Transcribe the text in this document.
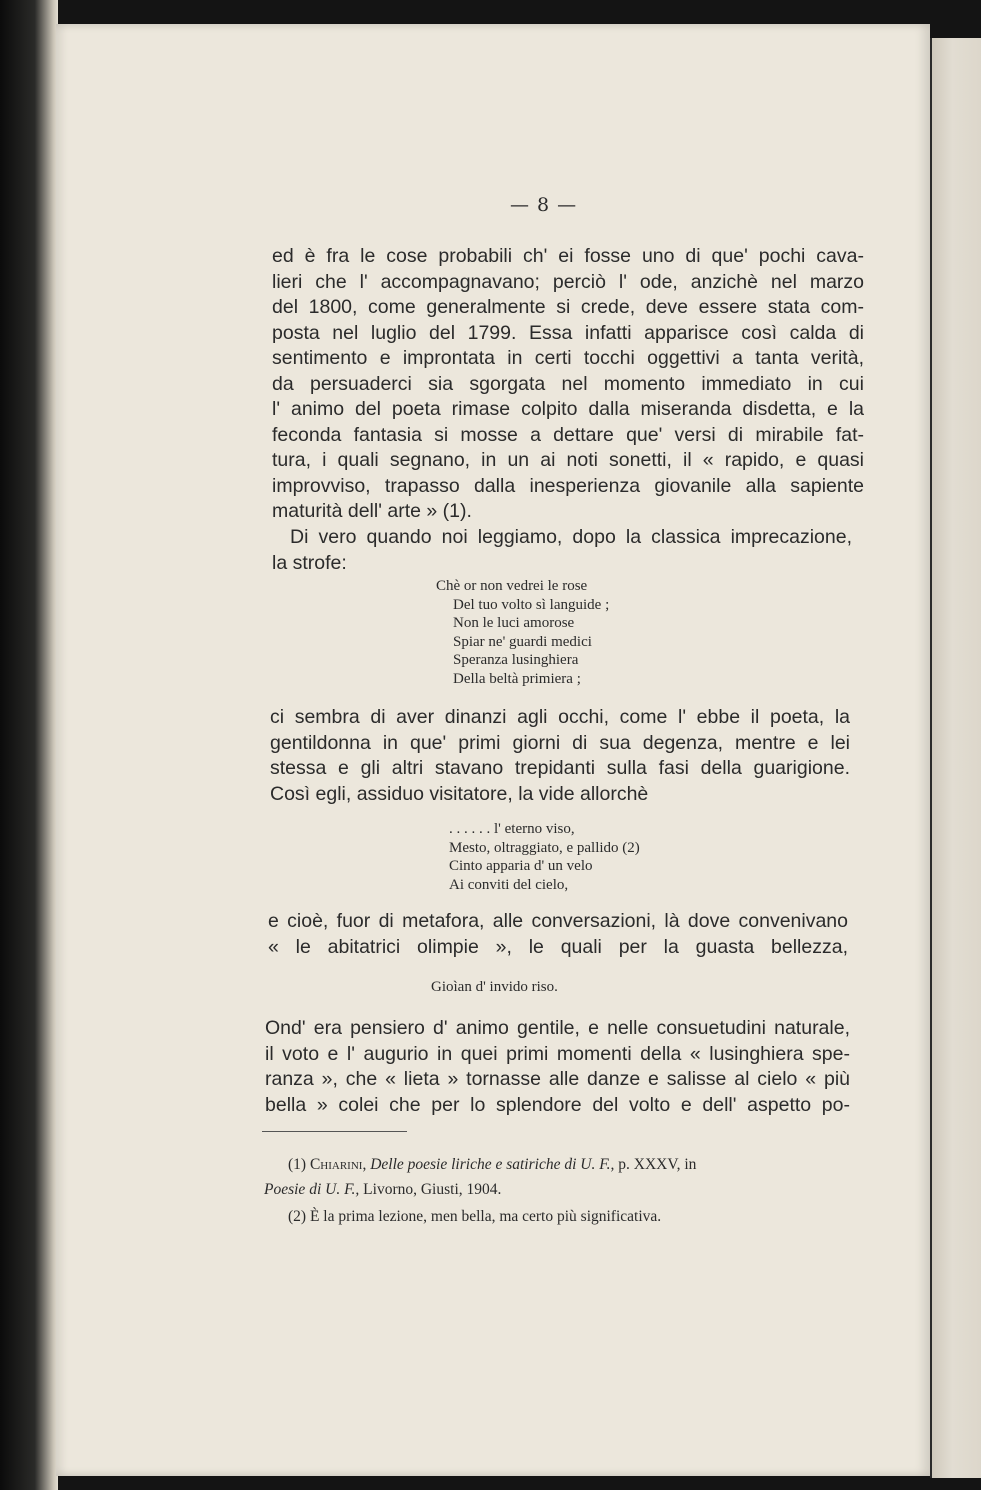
— 8 —
ed è fra le cose probabili ch' ei fosse uno di que' pochi cava-
lieri che l' accompagnavano; perciò l' ode, anzichè nel marzo
del 1800, come generalmente si crede, deve essere stata com-
posta nel luglio del 1799. Essa infatti apparisce così calda di
sentimento e improntata in certi tocchi oggettivi a tanta verità,
da persuaderci sia sgorgata nel momento immediato in cui
l' animo del poeta rimase colpito dalla miseranda disdetta, e la
feconda fantasia si mosse a dettare que' versi di mirabile fat-
tura, i quali segnano, in un ai noti sonetti, il « rapido, e quasi
improvviso, trapasso dalla inesperienza giovanile alla sapiente
maturità dell' arte » (1).
Di vero quando noi leggiamo, dopo la classica imprecazione,
la strofe:
Chè or non vedrei le rose
Del tuo volto sì languide ;
Non le luci amorose
Spiar ne' guardi medici
Speranza lusinghiera
Della beltà primiera ;
ci sembra di aver dinanzi agli occhi, come l' ebbe il poeta, la
gentildonna in que' primi giorni di sua degenza, mentre e lei
stessa e gli altri stavano trepidanti sulla fasi della guarigione.
Così egli, assiduo visitatore, la vide allorchè
. . . . . . l' eterno viso,
Mesto, oltraggiato, e pallido (2)
Cinto apparia d' un velo
Ai conviti del cielo,
e cioè, fuor di metafora, alle conversazioni, là dove convenivano
« le abitatrici olimpie », le quali per la guasta bellezza,
Gioìan d' invido riso.
Ond' era pensiero d' animo gentile, e nelle consuetudini naturale,
il voto e l' augurio in quei primi momenti della « lusinghiera spe-
ranza », che « lieta » tornasse alle danze e salisse al cielo « più
bella » colei che per lo splendore del volto e dell' aspetto po-
(1) Chiarini, Delle poesie liriche e satiriche di U. F., p. XXXV, in
Poesie di U. F., Livorno, Giusti, 1904.
(2) È la prima lezione, men bella, ma certo più significativa.
